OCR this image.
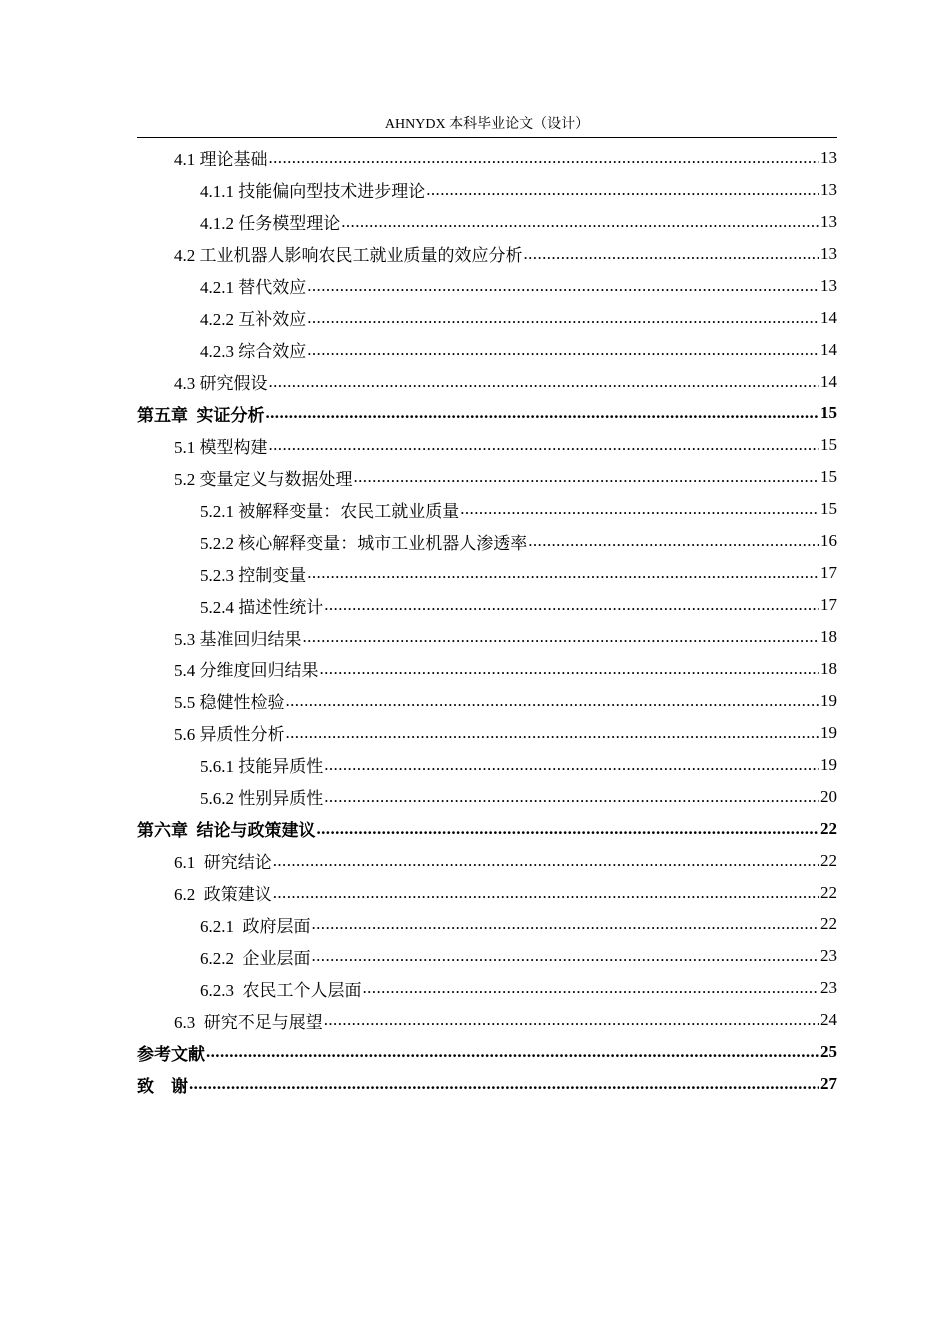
AHNYDX 本科毕业论文（设计）
4.1 理论基础 .....	13
4.1.1 技能偏向型技术进步理论 .....	13
4.1.2 任务模型理论 .....	13
4.2 工业机器人影响农民工就业质量的效应分析 .....	13
4.2.1 替代效应 .....	13
4.2.2 互补效应 .....	14
4.2.3 综合效应 .....	14
4.3 研究假设 .....	14
第五章  实证分析 .....	15
5.1 模型构建 .....	15
5.2 变量定义与数据处理 .....	15
5.2.1 被解释变量：农民工就业质量 .....	15
5.2.2 核心解释变量：城市工业机器人渗透率 .....	16
5.2.3 控制变量 .....	17
5.2.4 描述性统计 .....	17
5.3 基准回归结果 .....	18
5.4 分维度回归结果 .....	18
5.5 稳健性检验 .....	19
5.6 异质性分析 .....	19
5.6.1 技能异质性 .....	19
5.6.2 性别异质性 .....	20
第六章  结论与政策建议 .....	22
6.1  研究结论 .....	22
6.2  政策建议 .....	22
6.2.1  政府层面 .....	22
6.2.2  企业层面 .....	23
6.2.3  农民工个人层面 .....	23
6.3  研究不足与展望 .....	24
参考文献 .....	25
致    谢 .....	27
